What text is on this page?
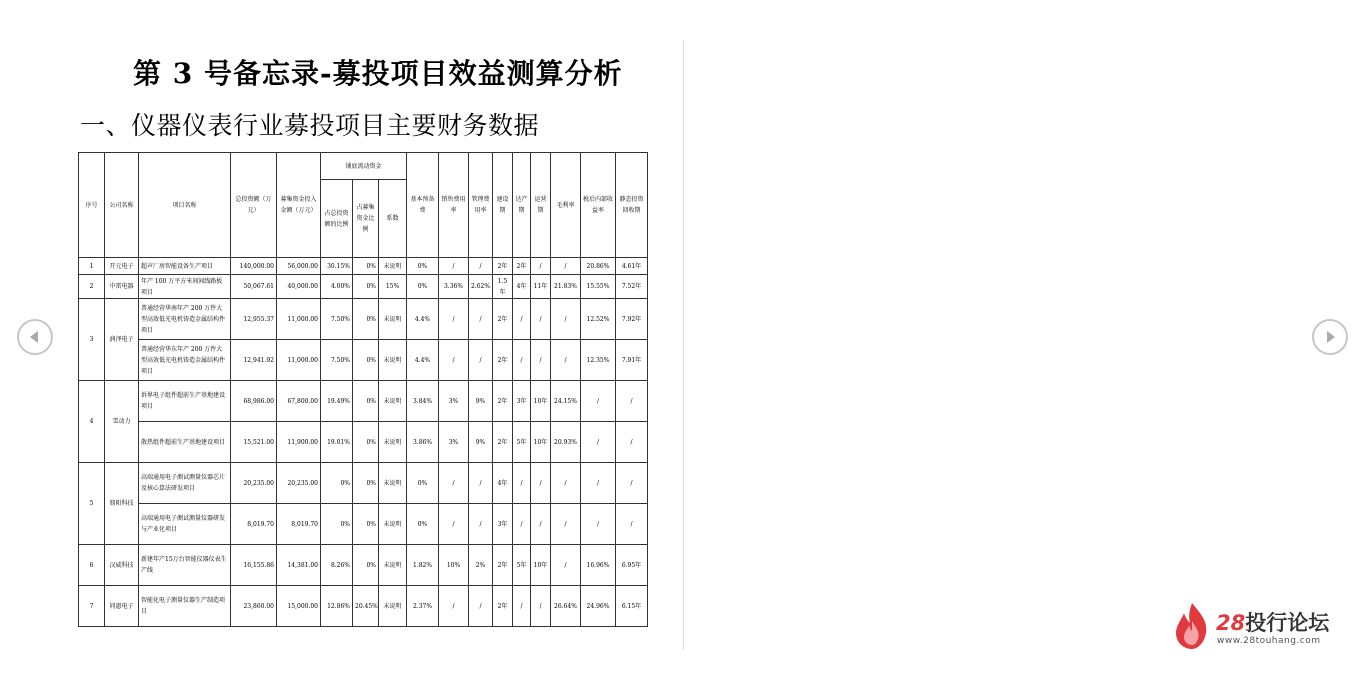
第 3 号备忘录-募投项目效益测算分析
一、仪器仪表行业募投项目主要财务数据
序号	公司名称	项目名称	总投资额（万元）	募集资金投入金额（万元）	铺底流动资金			基本预备费	销售费用率	管理费用率	建设期	达产期	运营期	毛利率	税后内部收益率	静态投资回收期
					占总投资额的比例	占募集资金比例	系数									
1	开元电子	超声厂房智能设备生产项目	140,000.00	56,000.00	30.15%	0%	未说明	0%	/	/	2年	2年	/	/	20.86%	4.61年
2	中雷电器	年产 100 万平方米间间线路板项目	50,067.61	40,000.00	4.00%	0%	15%	0%	3.36%	2.62%	1.5年	4年	11年	21.83%	15.55%	7.52年
3	润泽电子	普通经营华南年产 200 万件大型高效低光电机铸造金属结构件项目	12,955.37	11,000.00	7.50%	0%	未说明	4.4%	/	/	2年	/	/	/	12.52%	7.92年
		普通经营华东年产 200 万件大型高效低光电机铸造金属结构件项目	12,941.92	11,000.00	7.50%	0%	未说明	4.4%	/	/	2年	/	/	/	12.35%	7.91年
4	雪动力	诉界电子组件超前生产基地建设项目	68,986.00	67,800.00	19.49%	0%	未说明	3.84%	3%	9%	2年	3年	10年	24.15%	/	/
		散热组件超前生产基地建设项目	15,521.00	11,900.00	19.01%	0%	未说明	3.86%	3%	9%	2年	5年	10年	20.93%	/	/
5	鼎阳科技	高端通用电子测试测量仪器芯片及核心算法研发项目	20,235.00	20,235.00	0%	0%	未说明	0%	/	/	4年	/	/	/	/	/
		高端通用电子测试测量仪器研发与产业化项目	8,019.70	8,019.70	0%	0%	未说明	0%	/	/	3年	/	/	/	/	/
6	汉威科技	新建年产15万台智能仪器仪表生产线	16,155.86	14,381.00	8.26%	0%	未说明	1.82%	10%	2%	2年	5年	10年	/	16.96%	6.95年
7	同惠电子	智能化电子测量仪器生产制造项目	23,860.00	15,000.00	12.86%	20.45%	未说明	2.37%	/	/	2年	/	/	26.64%	24.96%	6.15年

28投行论坛
www.28touhang.com
